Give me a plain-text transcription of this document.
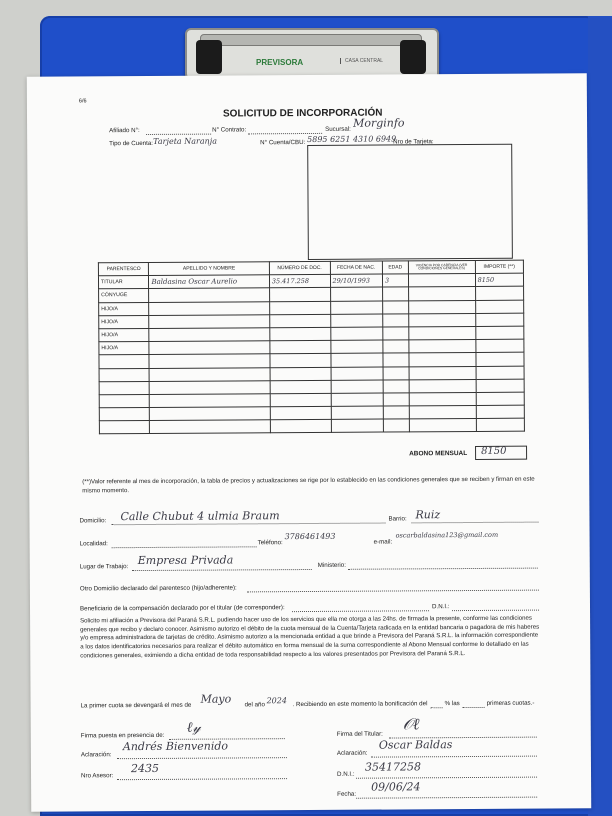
PREVISORA	CASA CENTRAL
6/6
SOLICITUD DE INCORPORACIÓN
Afiliado N°:	N° Contrato:	Sucursal: Morginfo
Tipo de Cuenta: Tarjeta Naranja	N° Cuenta/CBU: 5895 6251 4310 6949
Nro de Tarjeta:
PARENTESCO	APELLIDO Y NOMBRE	NÚMERO DE DOC.	FECHA DE NAC.	EDAD	VIGENCIA POR CARENCIA (VER CONDICIONES GENERALES)	IMPORTE (**)
TITULAR	Baldasina Oscar Aurelio	35.417.258	29/10/1993	3		8150
CÓNYUGE						
HIJO/A						
HIJO/A						
HIJO/A						
HIJO/A						

ABONO MENSUAL 8150
(**)Valor referente al mes de incorporación, la tabla de precios y actualizaciones se rige por lo establecido en las condiciones generales que se reciben y firman en este mismo momento.
Domicilio: Calle Chubut 4 ulmia Braum	Barrio: Ruiz
Localidad:	Teléfono:
3786461493
e-mail:
oscarbaldasina123@gmail.com
Lugar de Trabajo: Empresa Privada	Ministerio:
Otro Domicilio declarado del parentesco (hijo/adherente):
Beneficiario de la compensación declarado por el titular (de corresponder):	D.N.I.:
Solicito mi afiliación a Previsora del Paraná S.R.L. pudiendo hacer uso de los servicios que ella me otorga a las 24hs. de firmada la presente, conforme las condiciones generales que recibo y declaro conocer. Asimismo autorizo el débito de la cuota mensual de la Cuenta/Tarjeta radicada en la entidad bancaria o pagadora de mis haberes y/o empresa administradora de tarjetas de crédito. Asimismo autorizo a la mencionada entidad a que brinde a Previsora del Paraná S.R.L. la información correspondiente a los datos identificatorios necesarios para realizar el débito automático en forma mensual de la suma correspondiente al Abono Mensual conforme lo detallado en las condiciones generales, eximiendo a dicha entidad de toda responsabilidad respecto a los valores presentados por Previsora del Paraná S.R.L.
La primer cuota se devengará el mes de Mayo del año 2024 . Recibiendo en este momento la bonificación del	% las	primeras cuotas.-
Firma puesta en presencia de: ℓ𝓎	Firma del Titular:
𝒪ℓ
Aclaración:
Andrés Bienvenido
Aclaración:
Oscar Baldas
Nro Asesor:
2435	D.N.I.:
35417258
Fecha:
09/06/24
